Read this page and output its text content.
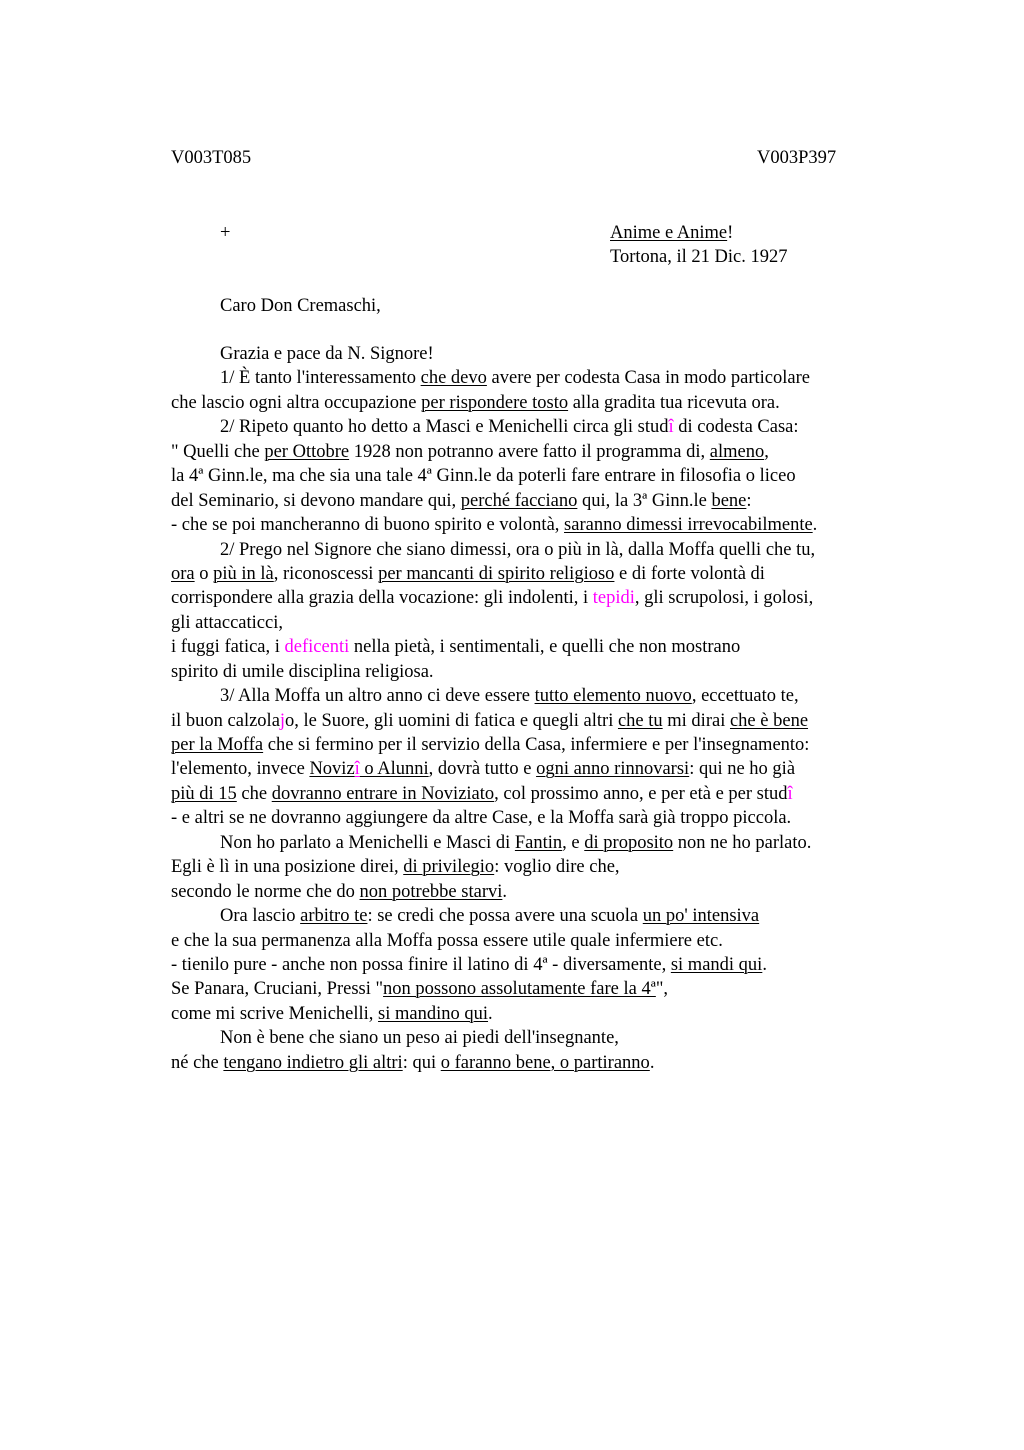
V003T085	V003P397
+	Anime e Anime!
Tortona, il 21 Dic. 1927
Caro Don Cremaschi,
Grazia e pace da N. Signore!
1/ È tanto l'interessamento che devo avere per codesta Casa in modo particolare
che lascio ogni altra occupazione per rispondere tosto alla gradita tua ricevuta ora.
2/ Ripeto quanto ho detto a Masci e Menichelli circa gli studî di codesta Casa:
" Quelli che per Ottobre 1928 non potranno avere fatto il programma di, almeno,
la 4ª Ginn.le, ma che sia una tale 4ª Ginn.le da poterli fare entrare in filosofia o liceo
del Seminario, si devono mandare qui, perché facciano qui, la 3ª Ginn.le bene:
- che se poi mancheranno di buono spirito e volontà, saranno dimessi irrevocabilmente.
2/ Prego nel Signore che siano dimessi, ora o più in là, dalla Moffa quelli che tu,
ora o più in là, riconoscessi per mancanti di spirito religioso e di forte volontà di
corrispondere alla grazia della vocazione: gli indolenti, i tepidi, gli scrupolosi, i golosi,
gli attaccaticci,
i fuggi fatica, i deficenti nella pietà, i sentimentali, e quelli che non mostrano
spirito di umile disciplina religiosa.
3/ Alla Moffa un altro anno ci deve essere tutto elemento nuovo, eccettuato te,
il buon calzolajo, le Suore, gli uomini di fatica e quegli altri che tu mi dirai che è bene
per la Moffa che si fermino per il servizio della Casa, infermiere e per l'insegnamento:
l'elemento, invece Novizî o Alunni, dovrà tutto e ogni anno rinnovarsi: qui ne ho già
più di 15 che dovranno entrare in Noviziato, col prossimo anno, e per età e per studî
- e altri se ne dovranno aggiungere da altre Case, e la Moffa sarà già troppo piccola.
Non ho parlato a Menichelli e Masci di Fantin, e di proposito non ne ho parlato.
Egli è lì in una posizione direi, di privilegio: voglio dire che,
secondo le norme che do non potrebbe starvi.
Ora lascio arbitro te: se credi che possa avere una scuola un po' intensiva
e che la sua permanenza alla Moffa possa essere utile quale infermiere etc.
- tienilo pure - anche non possa finire il latino di 4ª - diversamente, si mandi qui.
Se Panara, Cruciani, Pressi "non possono assolutamente fare la 4ª",
come mi scrive Menichelli, si mandino qui.
Non è bene che siano un peso ai piedi dell'insegnante,
né che tengano indietro gli altri: qui o faranno bene, o partiranno.
